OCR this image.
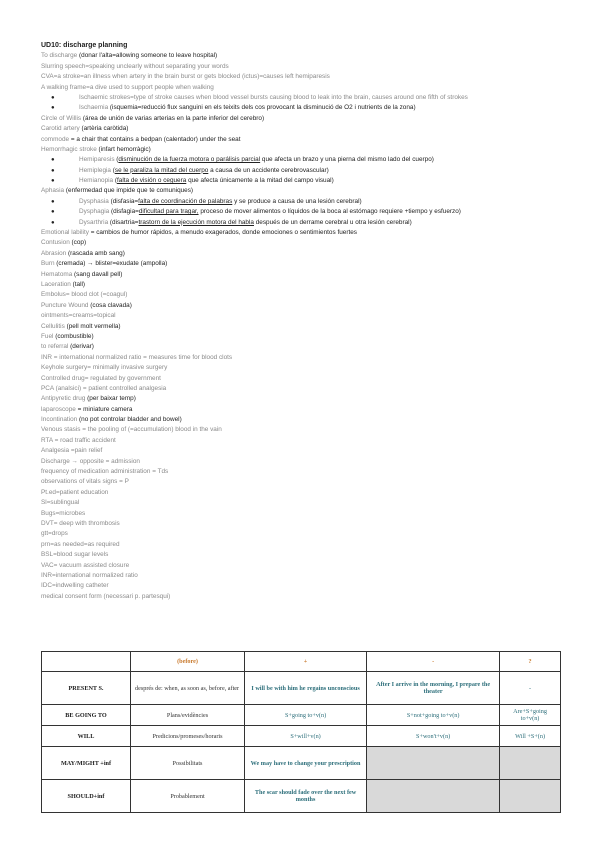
UD10: discharge planning
To discharge (donar l'alta=allowing someone to leave hospital)
Slurring speech=speaking unclearly without separating your words
CVA=a stroke=an illness when artery in the brain burst or gets blocked (ictus)=causes left hemiparesis
A walking frame=a dive used to support people when walking
●	Ischaemic strokes=type of stroke causes when blood vessel bursts causing blood to leak into the brain, causes around one fifth of strokes
●	Ischaemia (isquemia=reducció flux sanguini en els teixits dels cos provocant la disminució de O2 i nutrients de la zona)
Circle of Willis (área de unión de varias arterias en la parte inferior del cerebro)
Carotid artery (artèria caròtida)
commode = a chair that contains a bedpan (calentador) under the seat
Hemorrhagic stroke (infart hemorràgic)
●	Hemiparesis (disminución de la fuerza motora o parálisis parcial que afecta un brazo y una pierna del mismo lado del cuerpo)
●	Hemiplegia (se le paraliza la mitad del cuerpo a causa de un accidente cerebrovascular)
●	Hemianopia (falta de visión o ceguera que afecta únicamente a la mitad del campo visual)
Aphasia (enfermedad que impide que te comuniques)
●	Dysphasia (disfasia=falta de coordinación de palabras y se produce a causa de una lesión cerebral)
●	Dysphagia (disfagia=dificultad para tragar, proceso de mover alimentos o líquidos de la boca al estómago requiere +tiempo y esfuerzo)
●	Dysarthria (disartria=trastorn de la ejecución motora del habla después de un derrame cerebral u otra lesión cerebral)
Emotional lability = cambios de humor rápidos, a menudo exagerados, donde emociones o sentimientos fuertes
Contusion (cop)
Abrasion (rascada amb sang)
Burn (cremada) → blister=exudate (ampolla)
Hematoma (sang davall pell)
Laceration (tall)
Embolus= blood clot (=coagul)
Puncture Wound (cosa clavada)
ointments=creams=topical
Cellulitis (pell molt vermella)
Fuel (combustible)
to referral (derivar)
INR = international normalized ratio = measures time for blood clots
Keyhole surgery= minimally invasive surgery
Controlled drug= regulated by government
PCA (analsici) = patient controlled analgesia
Antipyretic drug (per baixar temp)
laparoscope = miniature camera
Incontination (no pot controlar bladder and bowel)
Venous stasis = the pooling of (=accumulation) blood in the vain
RTA = road traffic accident
Analgesia =pain relief
Discharge → opposite = admission
frequency of medication administration = Tds
observations of vitals signs = P
Pt.ed=patient education
Sl=sublingual
Bugs=microbes
DVT= deep with thrombosis
gtt=drops
prn=as needed=as required
BSL=blood sugar levels
VAC= vacuum assisted closure
INR=international normalized ratio
IDC=indwelling catheter
medical consent form (necessari p. partesqui)
	(before)	+	-	?
PRESENT S.	després de: when, as soon as, before, after	I will be with him he regains unconscious	After I arrive in the morning, I prepare the theater	-
BE GOING TO	Plans/evidències	S+going to+v(n)	S+not+going to+v(n)	Are+S+going to+v(n)
WILL	Predicions/promeses/horaris	S+will+v(n)	S+won't+v(n)	Will +S+(n)
MAY/MIGHT +inf	Possibilitats	We may have to change your prescription		
SHOULD+inf	Probablement	The scar should fade over the next few months		
